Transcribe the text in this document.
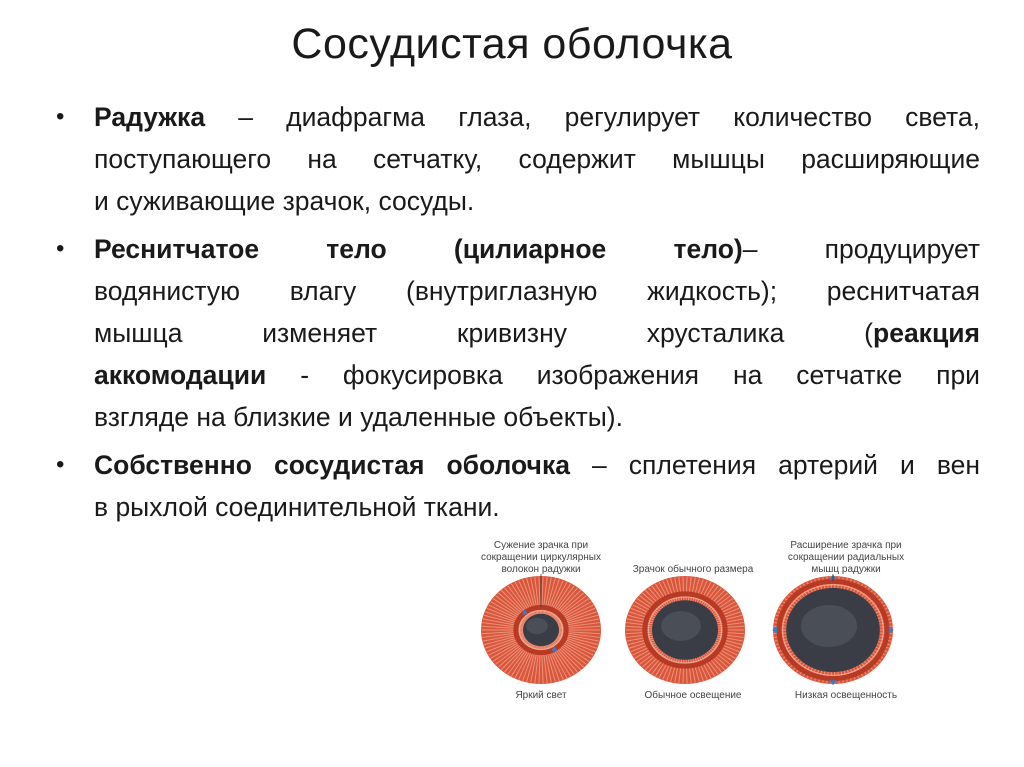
Сосудистая оболочка
• Радужка – диафрагма глаза, регулирует количество света,
поступающего на сетчатку, содержит мышцы расширяющие
и суживающие зрачок, сосуды.
• Реснитчатое тело (цилиарное тело)– продуцирует
водянистую влагу (внутриглазную жидкость); реснитчатая
мышца изменяет кривизну хрусталика (реакция
аккомодации - фокусировка изображения на сетчатке при
взгляде на близкие и удаленные объекты).
• Собственно сосудистая оболочка – сплетения артерий и вен
в рыхлой соединительной ткани.
Сужение зрачка при
сокращении циркулярных
волокон радужки	Зрачок обычного размера
Расширение зрачка при
сокращении радиальных
мышц радужки
Яркий свет	Обычное освещение	Низкая освещенность
